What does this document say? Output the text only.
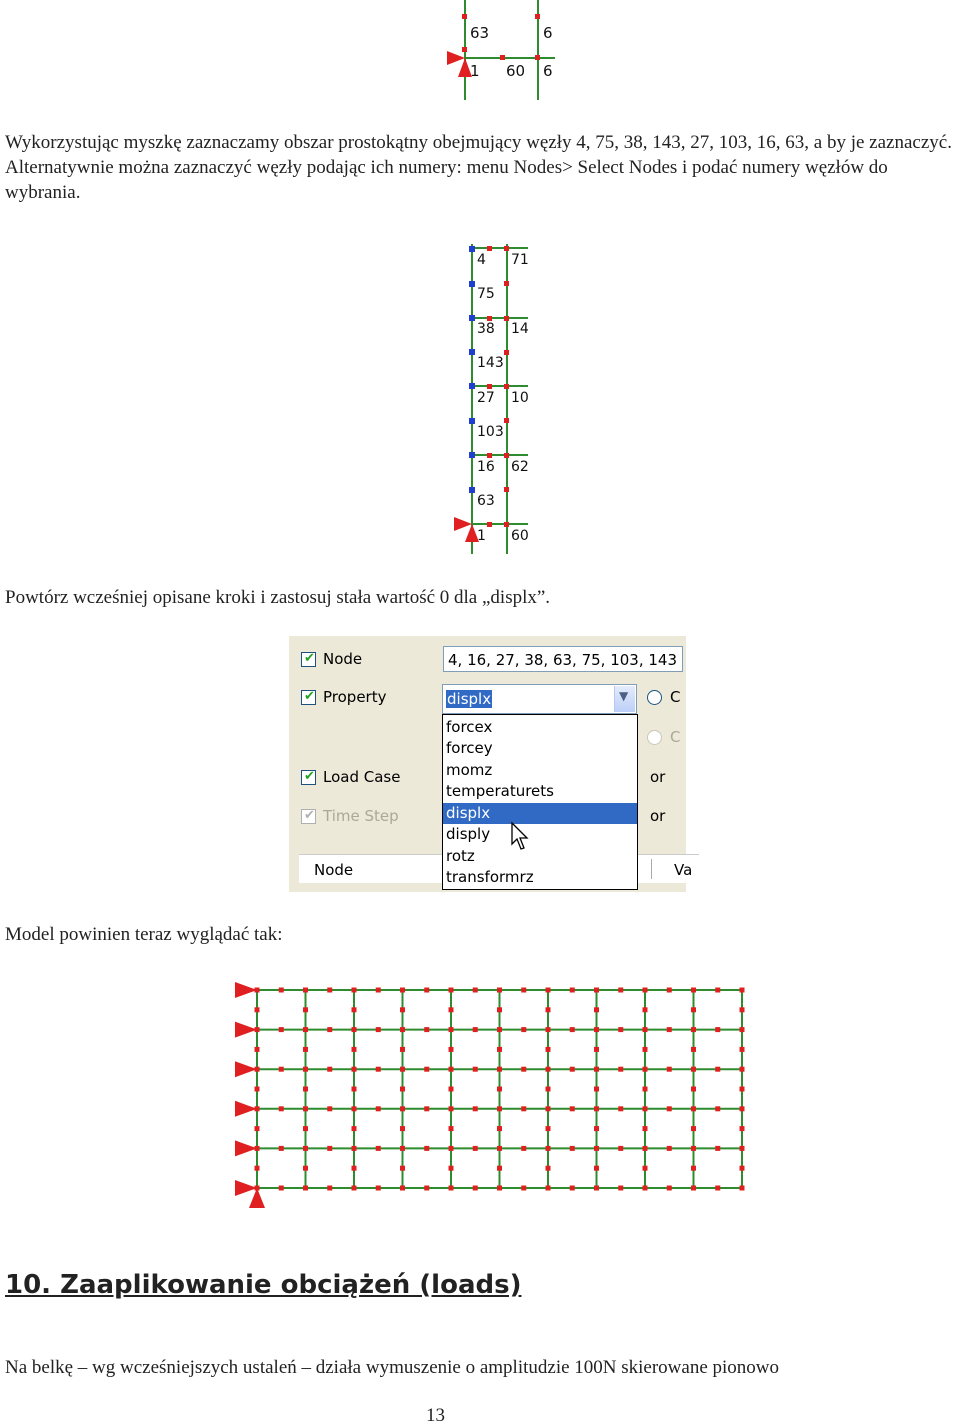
63	6
1 60 6

Wykorzystując myszkę zaznaczamy obszar prostokątny obejmujący węzły 4, 75, 38, 143, 27, 103, 16, 63, a by je zaznaczyć. Alternatywnie można zaznaczyć węzły podając ich numery: menu Nodes> Select Nodes i podać numery węzłów do wybrania.

4 71
75
38 14
143
27 10
103
16 62
63
1 60

Powtórz wcześniej opisane kroki i zastosuj stała wartość 0 dla „displx”.

✔ Node	4, 16, 27, 38, 63, 75, 103, 143
✔ Property	displx	▼	C
C
✔ Load Case	or
✔ Time Step	or
Node	Va
forcex
forcey
momz
temperaturets
displx
disply
rotz
transformrz

Model powinien teraz wyglądać tak:

10. Zaaplikowanie obciążeń (loads)

Na belkę – wg wcześniejszych ustaleń – działa wymuszenie o amplitudzie 100N skierowane pionowo

13
